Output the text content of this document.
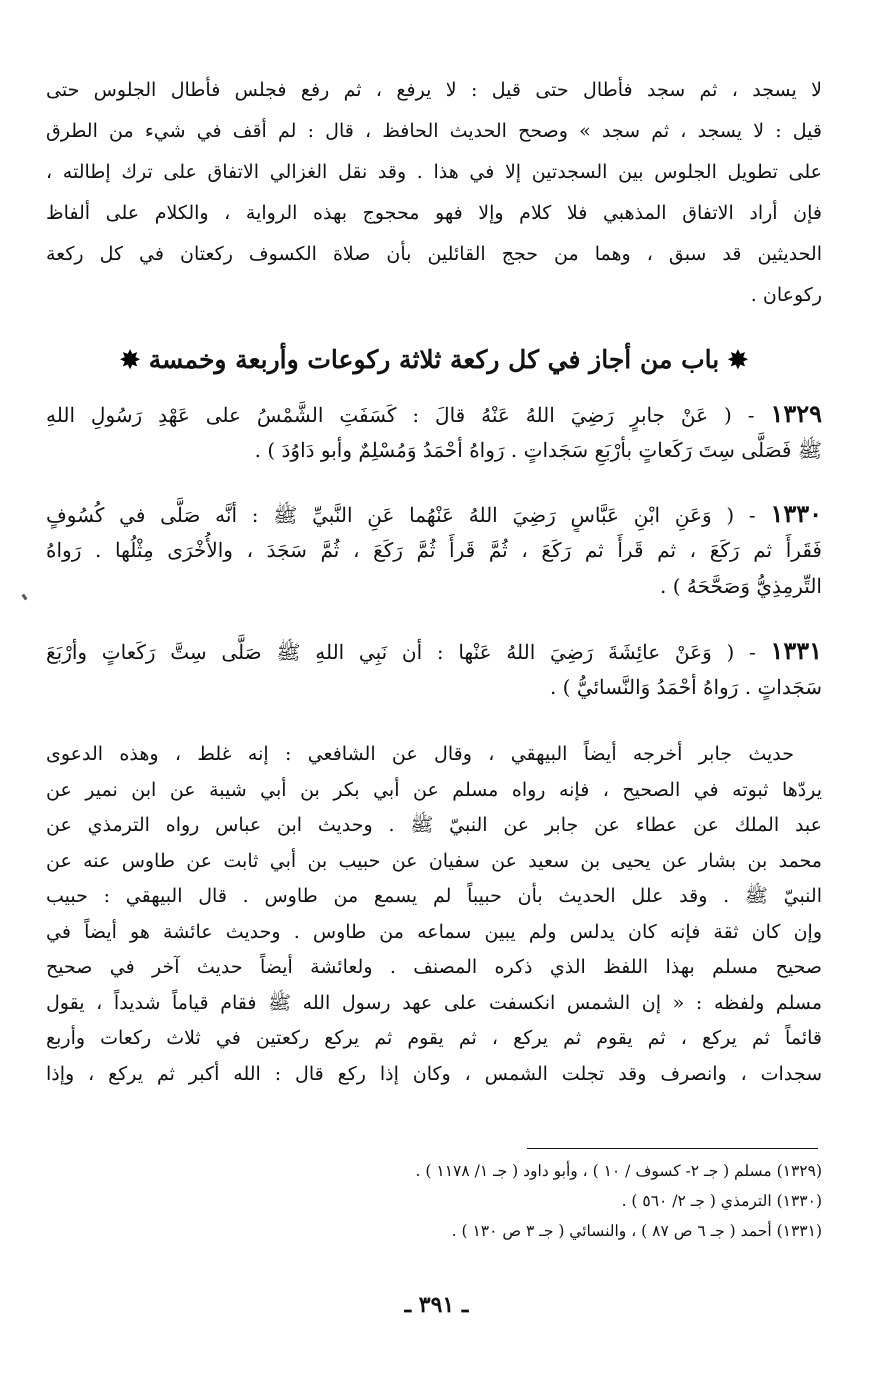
لا يسجد ، ثم سجد فأطال حتى قيل : لا يرفع ، ثم رفع فجلس فأطال الجلوس حتى
قيل : لا يسجد ، ثم سجد » وصحح الحديث الحافظ ، قال : لم أقف في شيء من الطرق
على تطويل الجلوس بين السجدتين إلا في هذا . وقد نقل الغزالي الاتفاق على ترك إطالته ،
فإن أراد الاتفاق المذهبي فلا كلام وإلا فهو محجوج بهذه الرواية ، والكلام على ألفاظ
الحديثين قد سبق ، وهما من حجج القائلين بأن صلاة الكسوف ركعتان في كل ركعة
ركوعان .
✸ باب من أجاز في كل ركعة ثلاثة ركوعات وأربعة وخمسة ✸
١٣٢٩ - ( عَنْ جابرٍ رَضِيَ اللهُ عَنْهُ قالَ : كَسَفَتِ الشَّمْسُ على عَهْدِ رَسُولِ اللهِ
ﷺ فَصَلَّى سِتَ رَكَعاتٍ بأرْبَعِ سَجَداتٍ . رَواهُ أحْمَدُ وَمُسْلِمٌ وأبو دَاوُدَ ) .
١٣٣٠ - ( وَعَنِ ابْنِ عَبَّاسٍ رَضِيَ اللهُ عَنْهُما عَنِ النَّبيِّ ﷺ : أنَّه صَلَّى في كُسُوفٍ
فَقَرأَ ثم رَكَعَ ، ثم قَرأَ ثم رَكَعَ ، ثُمَّ قَرأَ ثُمَّ رَكَعَ ، ثُمَّ سَجَدَ ، والأُخْرَى مِثْلُها . رَواهُ
التِّرمِذِيُّ وَصَحَّحَهُ ) .
١٣٣١ - ( وَعَنْ عائِشَةَ رَضِيَ اللهُ عَنْها : أن نَبِي اللهِ ﷺ صَلَّى سِتَّ رَكَعاتٍ وأرْبَعَ
سَجَداتٍ . رَواهُ أحْمَدُ وَالنَّسائيُّ ) .
حديث جابر أخرجه أيضاً البيهقي ، وقال عن الشافعي : إنه غلط ، وهذه الدعوى
يردّها ثبوته في الصحيح ، فإنه رواه مسلم عن أبي بكر بن أبي شيبة عن ابن نمير عن
عبد الملك عن عطاء عن جابر عن النبيّ ﷺ . وحديث ابن عباس رواه الترمذي عن
محمد بن بشار عن يحيى بن سعيد عن سفيان عن حبيب بن أبي ثابت عن طاوس عنه عن
النبيّ ﷺ . وقد علل الحديث بأن حبيباً لم يسمع من طاوس . قال البيهقي : حبيب
وإن كان ثقة فإنه كان يدلس ولم يبين سماعه من طاوس . وحديث عائشة هو أيضاً في
صحيح مسلم بهذا اللفظ الذي ذكره المصنف . ولعائشة أيضاً حديث آخر في صحيح
مسلم ولفظه : « إن الشمس انكسفت على عهد رسول الله ﷺ فقام قياماً شديداً ، يقول
قائماً ثم يركع ، ثم يقوم ثم يركع ، ثم يقوم ثم يركع ركعتين في ثلاث ركعات وأربع
سجدات ، وانصرف وقد تجلت الشمس ، وكان إذا ركع قال : الله أكبر ثم يركع ، وإذا
(١٣٢٩) مسلم ( جـ ٢- كسوف / ١٠ ) ، وأبو داود ( جـ ١/ ١١٧٨ ) .
(١٣٣٠) الترمذي ( جـ ٢/ ٥٦٠ ) .
(١٣٣١) أحمد ( جـ ٦ ص ٨٧ ) ، والنسائي ( جـ ٣ ص ١٣٠ ) .
ـ ٣٩١ ـ
